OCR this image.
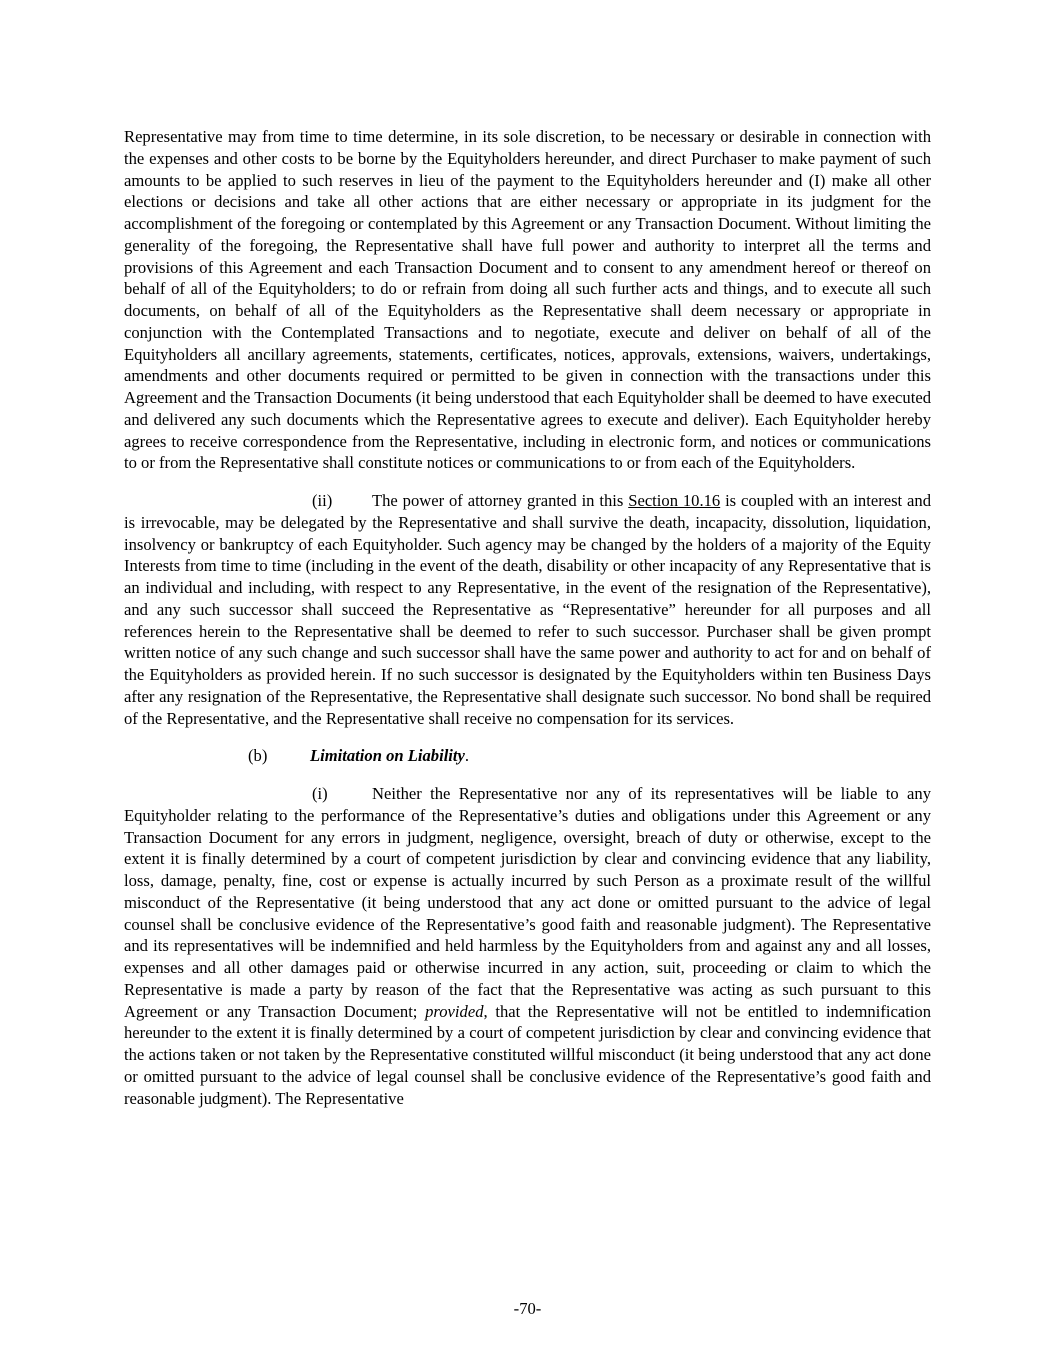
Representative may from time to time determine, in its sole discretion, to be necessary or desirable in connection with the expenses and other costs to be borne by the Equityholders hereunder, and direct Purchaser to make payment of such amounts to be applied to such reserves in lieu of the payment to the Equityholders hereunder and (I) make all other elections or decisions and take all other actions that are either necessary or appropriate in its judgment for the accomplishment of the foregoing or contemplated by this Agreement or any Transaction Document. Without limiting the generality of the foregoing, the Representative shall have full power and authority to interpret all the terms and provisions of this Agreement and each Transaction Document and to consent to any amendment hereof or thereof on behalf of all of the Equityholders; to do or refrain from doing all such further acts and things, and to execute all such documents, on behalf of all of the Equityholders as the Representative shall deem necessary or appropriate in conjunction with the Contemplated Transactions and to negotiate, execute and deliver on behalf of all of the Equityholders all ancillary agreements, statements, certificates, notices, approvals, extensions, waivers, undertakings, amendments and other documents required or permitted to be given in connection with the transactions under this Agreement and the Transaction Documents (it being understood that each Equityholder shall be deemed to have executed and delivered any such documents which the Representative agrees to execute and deliver). Each Equityholder hereby agrees to receive correspondence from the Representative, including in electronic form, and notices or communications to or from the Representative shall constitute notices or communications to or from each of the Equityholders.

(ii) The power of attorney granted in this Section 10.16 is coupled with an interest and is irrevocable, may be delegated by the Representative and shall survive the death, incapacity, dissolution, liquidation, insolvency or bankruptcy of each Equityholder. Such agency may be changed by the holders of a majority of the Equity Interests from time to time (including in the event of the death, disability or other incapacity of any Representative that is an individual and including, with respect to any Representative, in the event of the resignation of the Representative), and any such successor shall succeed the Representative as “Representative” hereunder for all purposes and all references herein to the Representative shall be deemed to refer to such successor. Purchaser shall be given prompt written notice of any such change and such successor shall have the same power and authority to act for and on behalf of the Equityholders as provided herein. If no such successor is designated by the Equityholders within ten Business Days after any resignation of the Representative, the Representative shall designate such successor. No bond shall be required of the Representative, and the Representative shall receive no compensation for its services.

(b)	Limitation on Liability.

(i)	Neither the Representative nor any of its representatives will be liable to any Equityholder relating to the performance of the Representative’s duties and obligations under this Agreement or any Transaction Document for any errors in judgment, negligence, oversight, breach of duty or otherwise, except to the extent it is finally determined by a court of competent jurisdiction by clear and convincing evidence that any liability, loss, damage, penalty, fine, cost or expense is actually incurred by such Person as a proximate result of the willful misconduct of the Representative (it being understood that any act done or omitted pursuant to the advice of legal counsel shall be conclusive evidence of the Representative’s good faith and reasonable judgment). The Representative and its representatives will be indemnified and held harmless by the Equityholders from and against any and all losses, expenses and all other damages paid or otherwise incurred in any action, suit, proceeding or claim to which the Representative is made a party by reason of the fact that the Representative was acting as such pursuant to this Agreement or any Transaction Document; provided, that the Representative will not be entitled to indemnification hereunder to the extent it is finally determined by a court of competent jurisdiction by clear and convincing evidence that the actions taken or not taken by the Representative constituted willful misconduct (it being understood that any act done or omitted pursuant to the advice of legal counsel shall be conclusive evidence of the Representative’s good faith and reasonable judgment). The Representative

-70-
